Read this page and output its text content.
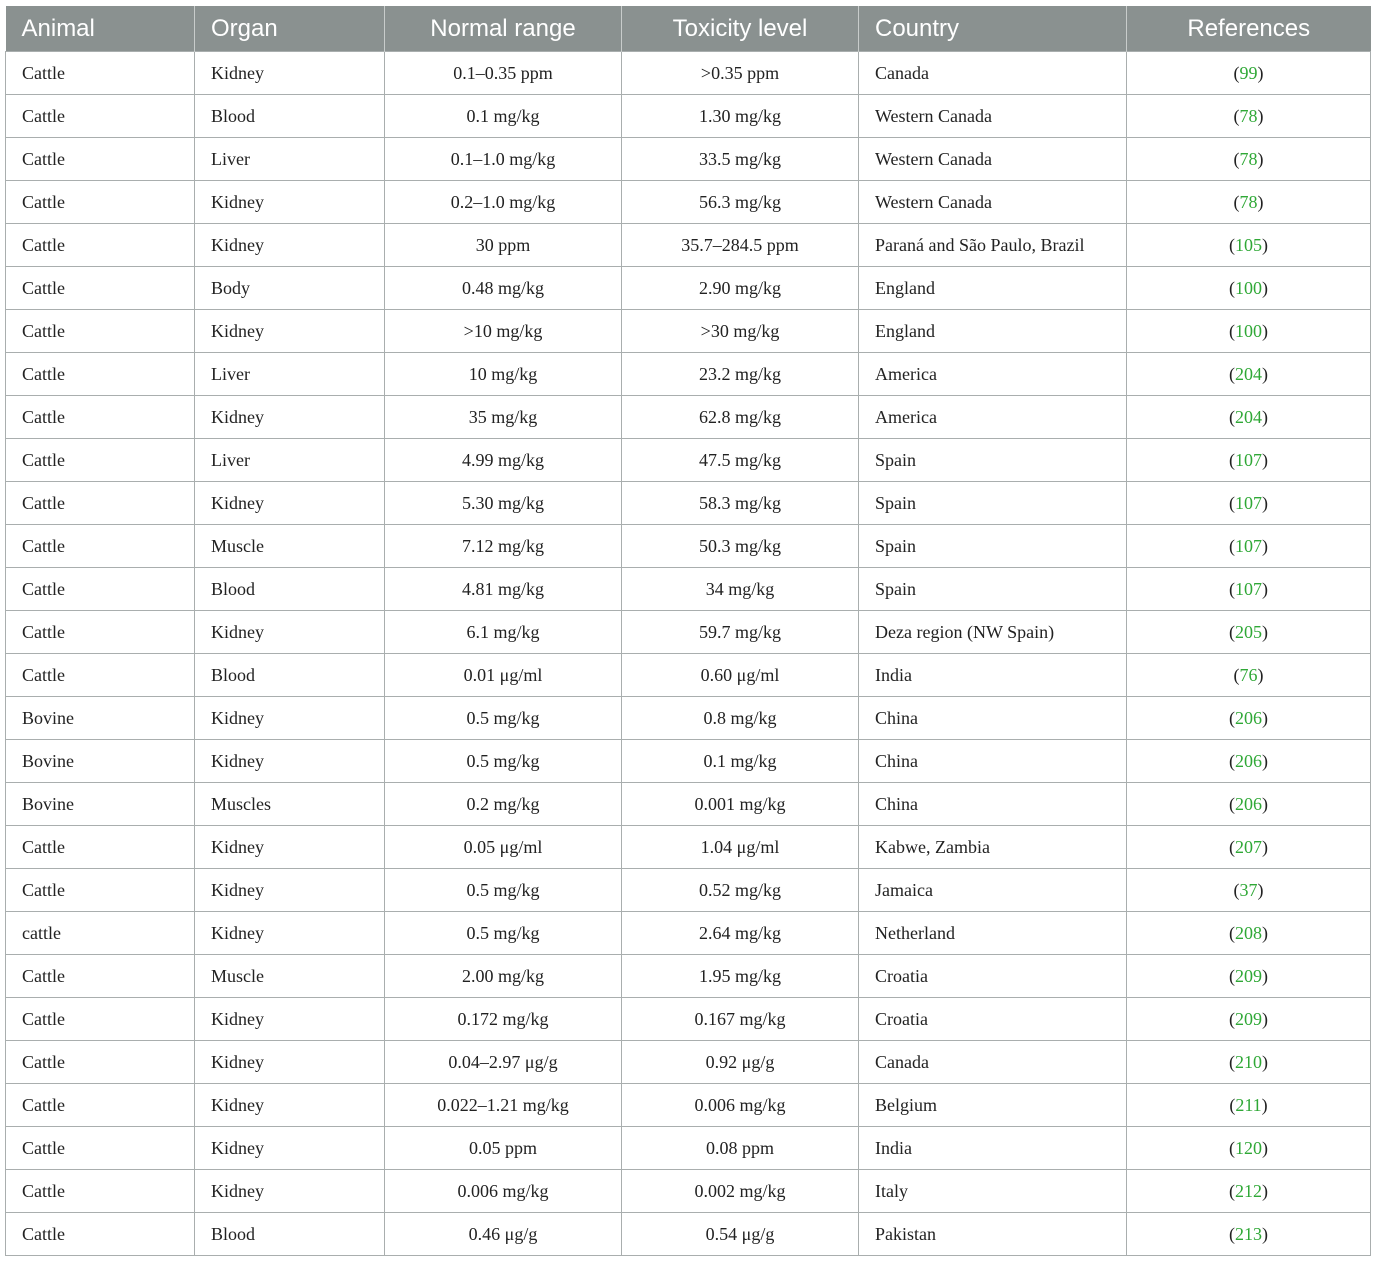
Animal	Organ	Normal range	Toxicity level	Country	References
Cattle	Kidney	0.1–0.35 ppm	>0.35 ppm	Canada	(99)
Cattle	Blood	0.1 mg/kg	1.30 mg/kg	Western Canada	(78)
Cattle	Liver	0.1–1.0 mg/kg	33.5 mg/kg	Western Canada	(78)
Cattle	Kidney	0.2–1.0 mg/kg	56.3 mg/kg	Western Canada	(78)
Cattle	Kidney	30 ppm	35.7–284.5 ppm	Paraná and São Paulo, Brazil	(105)
Cattle	Body	0.48 mg/kg	2.90 mg/kg	England	(100)
Cattle	Kidney	>10 mg/kg	>30 mg/kg	England	(100)
Cattle	Liver	10 mg/kg	23.2 mg/kg	America	(204)
Cattle	Kidney	35 mg/kg	62.8 mg/kg	America	(204)
Cattle	Liver	4.99 mg/kg	47.5 mg/kg	Spain	(107)
Cattle	Kidney	5.30 mg/kg	58.3 mg/kg	Spain	(107)
Cattle	Muscle	7.12 mg/kg	50.3 mg/kg	Spain	(107)
Cattle	Blood	4.81 mg/kg	34 mg/kg	Spain	(107)
Cattle	Kidney	6.1 mg/kg	59.7 mg/kg	Deza region (NW Spain)	(205)
Cattle	Blood	0.01 μg/ml	0.60 μg/ml	India	(76)
Bovine	Kidney	0.5 mg/kg	0.8 mg/kg	China	(206)
Bovine	Kidney	0.5 mg/kg	0.1 mg/kg	China	(206)
Bovine	Muscles	0.2 mg/kg	0.001 mg/kg	China	(206)
Cattle	Kidney	0.05 μg/ml	1.04 μg/ml	Kabwe, Zambia	(207)
Cattle	Kidney	0.5 mg/kg	0.52 mg/kg	Jamaica	(37)
cattle	Kidney	0.5 mg/kg	2.64 mg/kg	Netherland	(208)
Cattle	Muscle	2.00 mg/kg	1.95 mg/kg	Croatia	(209)
Cattle	Kidney	0.172 mg/kg	0.167 mg/kg	Croatia	(209)
Cattle	Kidney	0.04–2.97 μg/g	0.92 μg/g	Canada	(210)
Cattle	Kidney	0.022–1.21 mg/kg	0.006 mg/kg	Belgium	(211)
Cattle	Kidney	0.05 ppm	0.08 ppm	India	(120)
Cattle	Kidney	0.006 mg/kg	0.002 mg/kg	Italy	(212)
Cattle	Blood	0.46 μg/g	0.54 μg/g	Pakistan	(213)
